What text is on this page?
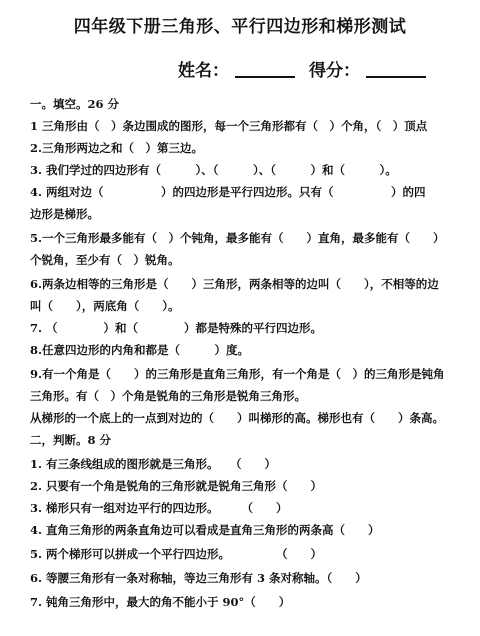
四年级下册三角形、平行四边形和梯形测试
姓名：	得分：
一。填空。26 分
1 三角形由（　）条边围成的图形，每一个三角形都有（　）个角，（　）顶点
2.三角形两边之和（　）第三边。
3. 我们学过的四边形有（　　　）、（　　　）、（　　　）和（　　　）。
4. 两组对边（　　　　　）的四边形是平行四边形。只有（　　　　　）的四
边形是梯形。
5.一个三角形最多能有（　）个钝角，最多能有（　　）直角，最多能有（　　）
个锐角，至少有（　）锐角。
6.两条边相等的三角形是（　　）三角形，两条相等的边叫（　　），不相等的边
叫（　　），两底角（　　）。
7. （　　　　）和（　　　　）都是特殊的平行四边形。
8.任意四边形的内角和都是（　　　）度。
9.有一个角是（　　）的三角形是直角三角形，有一个角是（　）的三角形是钝角
三角形。有（　）个角是锐角的三角形是锐角三角形。
从梯形的一个底上的一点到对边的（　　）叫梯形的高。梯形也有（　　）条高。
二，判断。8 分
1. 有三条线组成的图形就是三角形。　　（　　）
2. 只要有一个角是锐角的三角形就是锐角三角形（　　）
3. 梯形只有一组对边平行的四边形。　　　（　　）
4. 直角三角形的两条直角边可以看成是直角三角形的两条高（　　）
5. 两个梯形可以拼成一个平行四边形。　　　　　（　　）
6. 等腰三角形有一条对称轴，等边三角形有 3 条对称轴。（　　）
7. 钝角三角形中，最大的角不能小于 90°（　　）
